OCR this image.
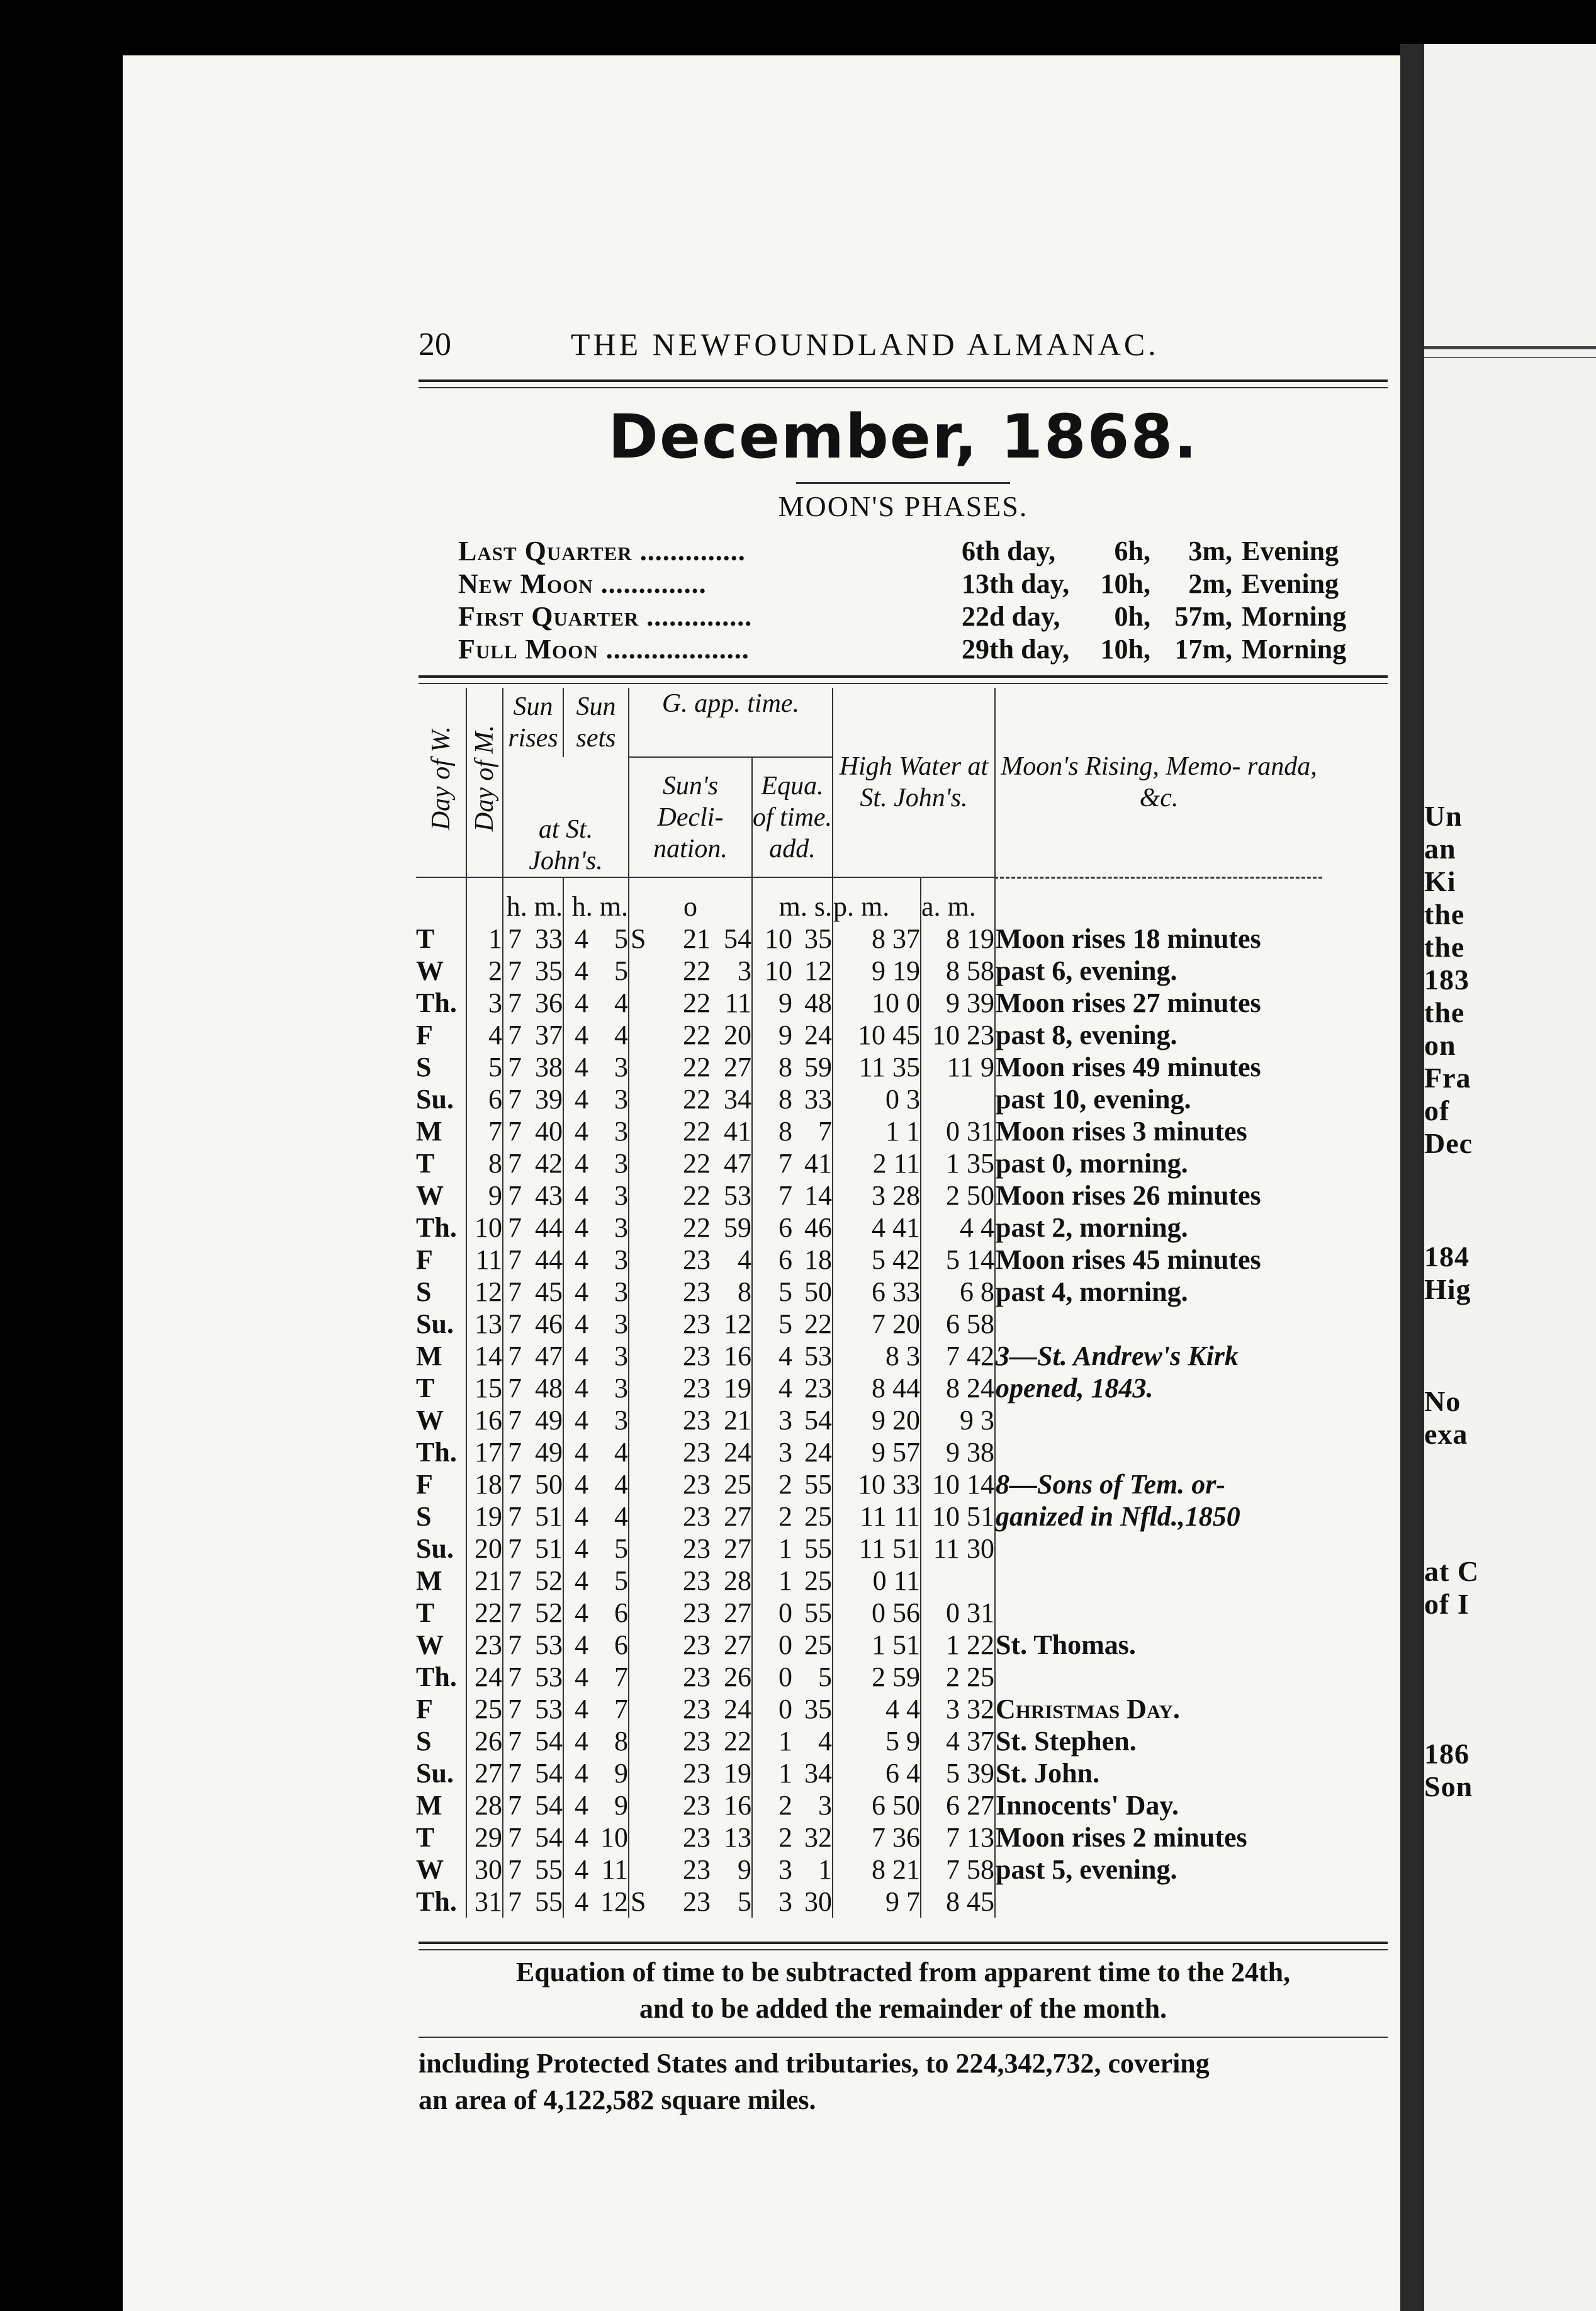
20	THE NEWFOUNDLAND ALMANAC.
December, 1868.
MOON'S PHASES.
Last Quarter ..............	6th day,	6h,	3m, Evening
New Moon ..............	13th day, 10h,	2m, Evening
First Quarter ..............	22d day,	0h, 57m, Morning
Full Moon ...................	29th day, 10h, 17m, Morning
Day of W.	Day of M.	Sun rises		Sun sets		G. app. time.					High Water at St. John's.		Moon's Rising, Memo- randa, &c.
		at St. John's.				Sun's Decli- nation.			Equa. of time. add.				

		h. m.		h. m.		o			m. s.		p. m.	a. m.	
T	1	7	33	4	5	S	21	54	10	35	8 37	8 19	Moon rises 18 minutes
W	2	7	35	4	5		22	3	10	12	9 19	8 58	past 6, evening.
Th.	3	7	36	4	4		22	11	9	48	10 0	9 39	Moon rises 27 minutes
F	4	7	37	4	4		22	20	9	24	10 45	10 23	past 8, evening.
S	5	7	38	4	3		22	27	8	59	11 35	11 9	Moon rises 49 minutes
Su.	6	7	39	4	3		22	34	8	33	0 3		past 10, evening.
M	7	7	40	4	3		22	41	8	7	1 1	0 31	Moon rises 3 minutes
T	8	7	42	4	3		22	47	7	41	2 11	1 35	past 0, morning.
W	9	7	43	4	3		22	53	7	14	3 28	2 50	Moon rises 26 minutes
Th.	10	7	44	4	3		22	59	6	46	4 41	4 4	past 2, morning.
F	11	7	44	4	3		23	4	6	18	5 42	5 14	Moon rises 45 minutes
S	12	7	45	4	3		23	8	5	50	6 33	6 8	past 4, morning.
Su.	13	7	46	4	3		23	12	5	22	7 20	6 58	
M	14	7	47	4	3		23	16	4	53	8 3	7 42	3—St. Andrew's Kirk
T	15	7	48	4	3		23	19	4	23	8 44	8 24	opened, 1843.
W	16	7	49	4	3		23	21	3	54	9 20	9 3	
Th.	17	7	49	4	4		23	24	3	24	9 57	9 38	
F	18	7	50	4	4		23	25	2	55	10 33	10 14	8—Sons of Tem. or-
S	19	7	51	4	4		23	27	2	25	11 11	10 51	ganized in Nfld.,1850
Su.	20	7	51	4	5		23	27	1	55	11 51	11 30	
M	21	7	52	4	5		23	28	1	25	0 11		
T	22	7	52	4	6		23	27	0	55	0 56	0 31	
W	23	7	53	4	6		23	27	0	25	1 51	1 22	St. Thomas.
Th.	24	7	53	4	7		23	26	0	5	2 59	2 25	
F	25	7	53	4	7		23	24	0	35	4 4	3 32	Christmas Day.
S	26	7	54	4	8		23	22	1	4	5 9	4 37	St. Stephen.
Su.	27	7	54	4	9		23	19	1	34	6 4	5 39	St. John.
M	28	7	54	4	9		23	16	2	3	6 50	6 27	Innocents' Day.
T	29	7	54	4	10		23	13	2	32	7 36	7 13	Moon rises 2 minutes
W	30	7	55	4	11		23	9	3	1	8 21	7 58	past 5, evening.
Th.	31	7	55	4	12	S	23	5	3	30	9 7	8 45	
Equation of time to be subtracted from apparent time to the 24th,
and to be added the remainder of the month.
including Protected States and tributaries, to 224,342,732, covering
an area of 4,122,582 square miles.
Un
an
Ki
the
the
183
the
on
Fra
of
Dec
184
Hig
No
exa
at C
of I
186
Son
